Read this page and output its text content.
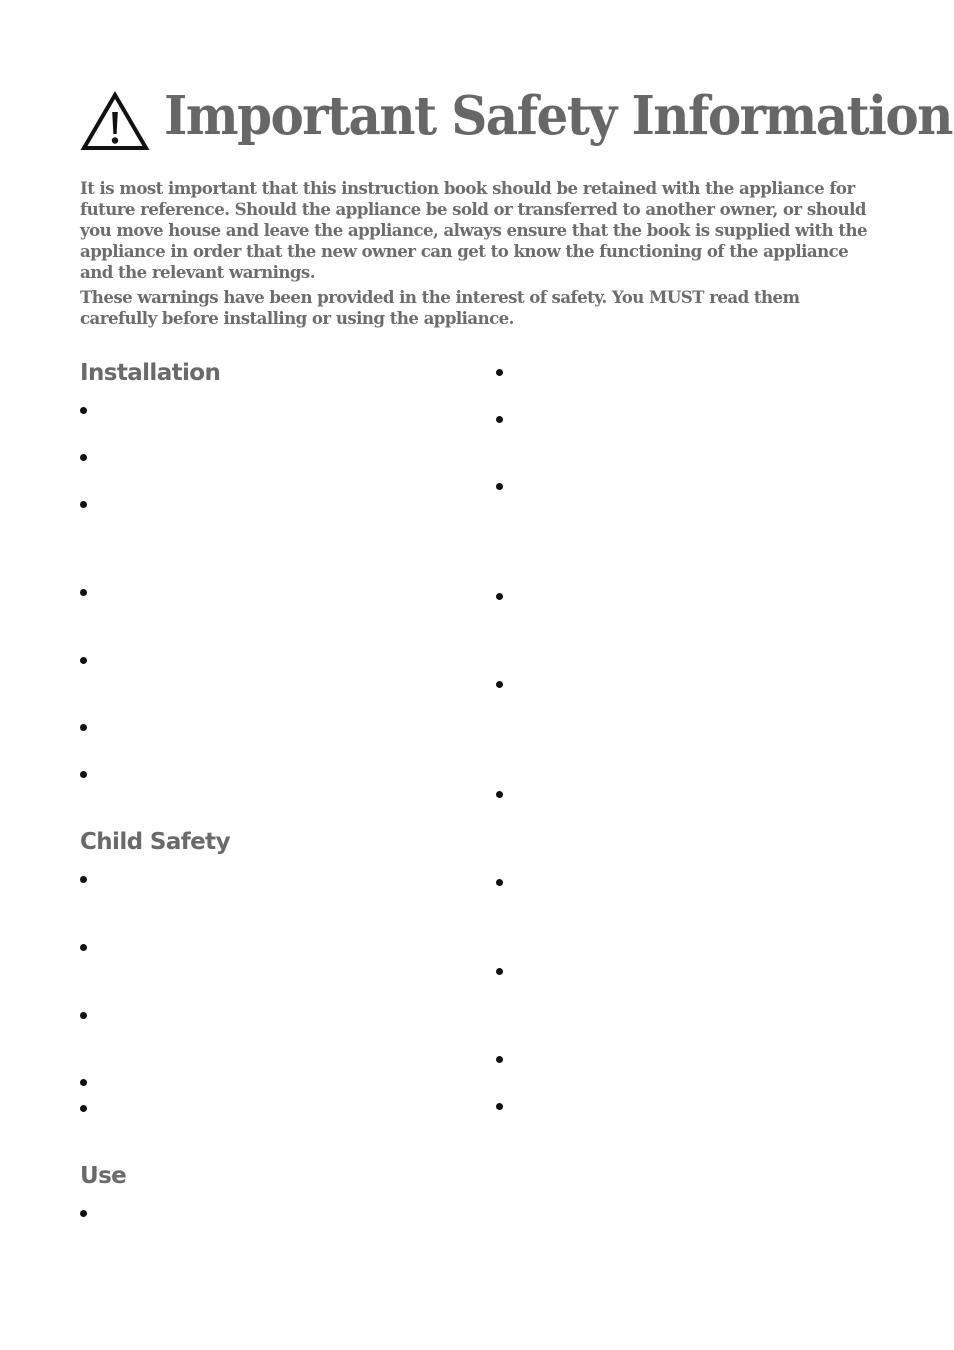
Important Safety Information

It is most important that this instruction book should be retained with the appliance for future reference. Should the appliance be sold or transferred to another owner, or should you move house and leave the appliance, always ensure that the book is supplied with the appliance in order that the new owner can get to know the functioning of the appliance and the relevant warnings.

These warnings have been provided in the interest of safety. You MUST read them carefully before installing or using the appliance.

Installation
Child Safety
Use
